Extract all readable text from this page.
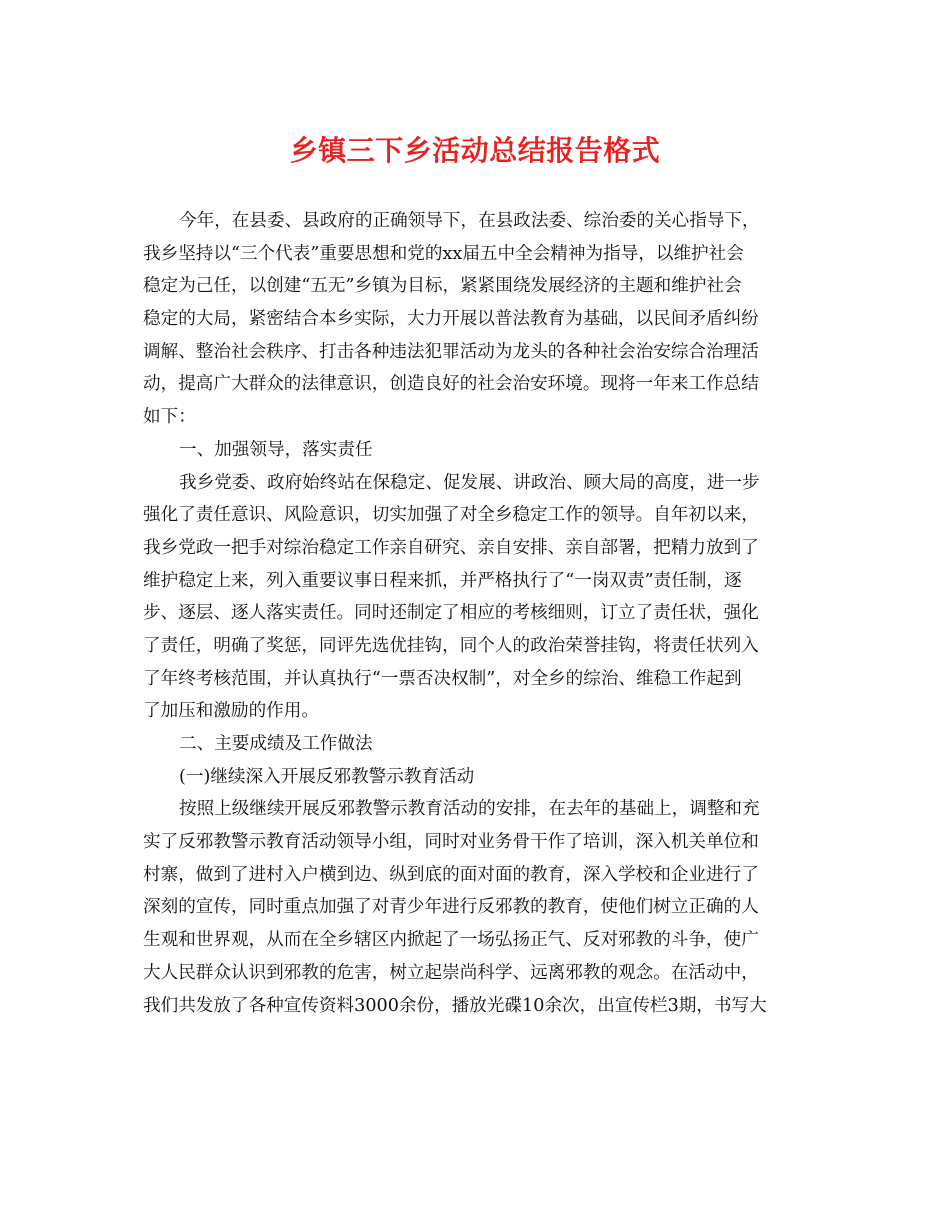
乡镇三下乡活动总结报告格式
今年，在县委、县政府的正确领导下，在县政法委、综治委的关心指导下，
我乡坚持以“三个代表”重要思想和党的xx届五中全会精神为指导，以维护社会
稳定为己任，以创建“五无”乡镇为目标，紧紧围绕发展经济的主题和维护社会
稳定的大局，紧密结合本乡实际，大力开展以普法教育为基础，以民间矛盾纠纷
调解、整治社会秩序、打击各种违法犯罪活动为龙头的各种社会治安综合治理活
动，提高广大群众的法律意识，创造良好的社会治安环境。现将一年来工作总结
如下：
一、加强领导，落实责任
我乡党委、政府始终站在保稳定、促发展、讲政治、顾大局的高度，进一步
强化了责任意识、风险意识，切实加强了对全乡稳定工作的领导。自年初以来，
我乡党政一把手对综治稳定工作亲自研究、亲自安排、亲自部署，把精力放到了
维护稳定上来，列入重要议事日程来抓，并严格执行了“一岗双责”责任制，逐
步、逐层、逐人落实责任。同时还制定了相应的考核细则，订立了责任状，强化
了责任，明确了奖惩，同评先选优挂钩，同个人的政治荣誉挂钩，将责任状列入
了年终考核范围，并认真执行“一票否决权制”，对全乡的综治、维稳工作起到
了加压和激励的作用。
二、主要成绩及工作做法
(一)继续深入开展反邪教警示教育活动
按照上级继续开展反邪教警示教育活动的安排，在去年的基础上，调整和充
实了反邪教警示教育活动领导小组，同时对业务骨干作了培训，深入机关单位和
村寨，做到了进村入户横到边、纵到底的面对面的教育，深入学校和企业进行了
深刻的宣传，同时重点加强了对青少年进行反邪教的教育，使他们树立正确的人
生观和世界观，从而在全乡辖区内掀起了一场弘扬正气、反对邪教的斗争，使广
大人民群众认识到邪教的危害，树立起崇尚科学、远离邪教的观念。在活动中，
我们共发放了各种宣传资料3000余份，播放光碟10余次，出宣传栏3期，书写大
